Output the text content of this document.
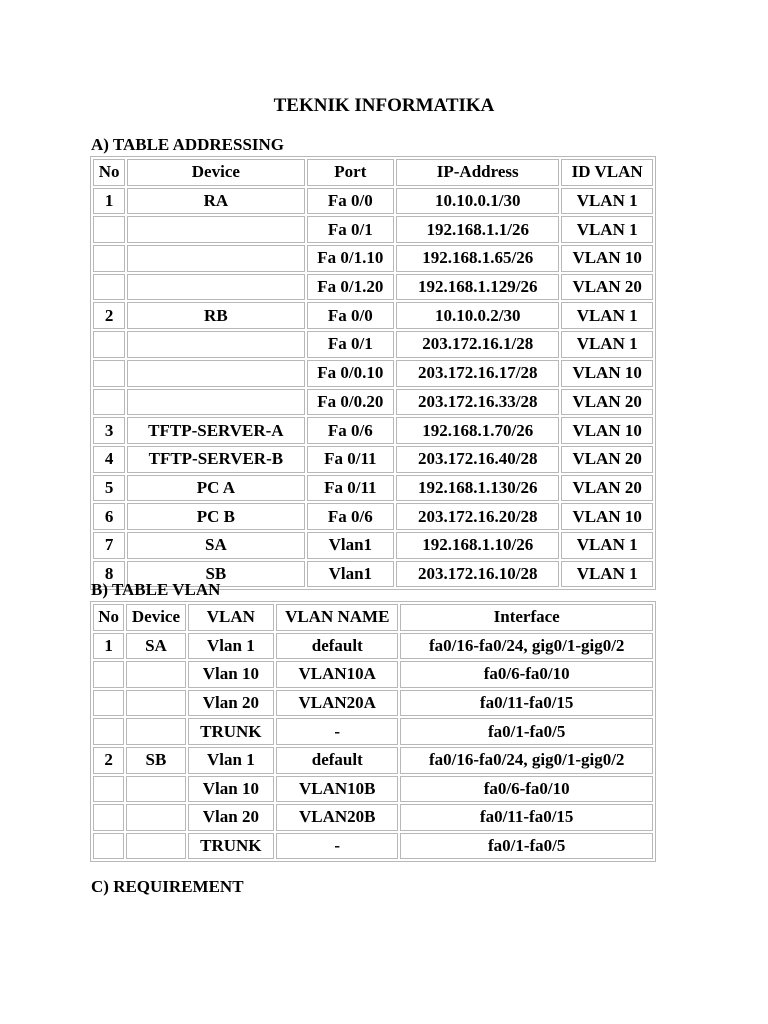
TEKNIK INFORMATIKA
A) TABLE ADDRESSING
No	Device	Port	IP-Address	ID VLAN
1	RA	Fa 0/0	10.10.0.1/30	VLAN 1
		Fa 0/1	192.168.1.1/26	VLAN 1
		Fa 0/1.10	192.168.1.65/26	VLAN 10
		Fa 0/1.20	192.168.1.129/26	VLAN 20
2	RB	Fa 0/0	10.10.0.2/30	VLAN 1
		Fa 0/1	203.172.16.1/28	VLAN 1
		Fa 0/0.10	203.172.16.17/28	VLAN 10
		Fa 0/0.20	203.172.16.33/28	VLAN 20
3	TFTP-SERVER-A	Fa 0/6	192.168.1.70/26	VLAN 10
4	TFTP-SERVER-B	Fa 0/11	203.172.16.40/28	VLAN 20
5	PC A	Fa 0/11	192.168.1.130/26	VLAN 20
6	PC B	Fa 0/6	203.172.16.20/28	VLAN 10
7	SA	Vlan1	192.168.1.10/26	VLAN 1
8	SB	Vlan1	203.172.16.10/28	VLAN 1
B) TABLE VLAN
No	Device	VLAN	VLAN NAME	Interface
1	SA	Vlan 1	default	fa0/16-fa0/24, gig0/1-gig0/2
		Vlan 10	VLAN10A	fa0/6-fa0/10
		Vlan 20	VLAN20A	fa0/11-fa0/15
		TRUNK	-	fa0/1-fa0/5
2	SB	Vlan 1	default	fa0/16-fa0/24, gig0/1-gig0/2
		Vlan 10	VLAN10B	fa0/6-fa0/10
		Vlan 20	VLAN20B	fa0/11-fa0/15
		TRUNK	-	fa0/1-fa0/5
C) REQUIREMENT
